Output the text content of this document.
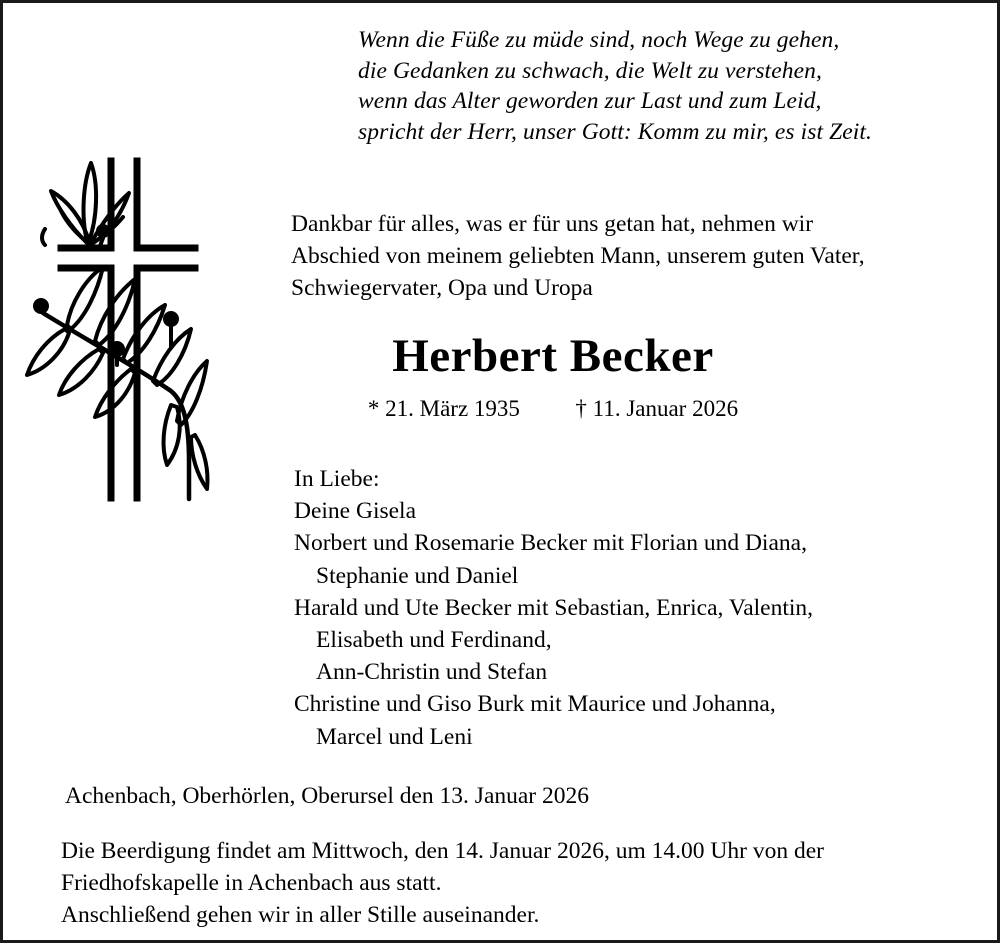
Wenn die Füße zu müde sind, noch Wege zu gehen,
die Gedanken zu schwach, die Welt zu verstehen,
wenn das Alter geworden zur Last und zum Leid,
spricht der Herr, unser Gott: Komm zu mir, es ist Zeit.
Dankbar für alles, was er für uns getan hat, nehmen wir
Abschied von meinem geliebten Mann, unserem guten Vater,
Schwiegervater, Opa und Uropa
Herbert Becker
* 21. März 1935 † 11. Januar 2026
In Liebe:
Deine Gisela
Norbert und Rosemarie Becker mit Florian und Diana,
Stephanie und Daniel
Harald und Ute Becker mit Sebastian, Enrica, Valentin,
Elisabeth und Ferdinand,
Ann-Christin und Stefan
Christine und Giso Burk mit Maurice und Johanna,
Marcel und Leni
Achenbach, Oberhörlen, Oberursel den 13. Januar 2026
Die Beerdigung findet am Mittwoch, den 14. Januar 2026, um 14.00 Uhr von der
Friedhofskapelle in Achenbach aus statt.
Anschließend gehen wir in aller Stille auseinander.
